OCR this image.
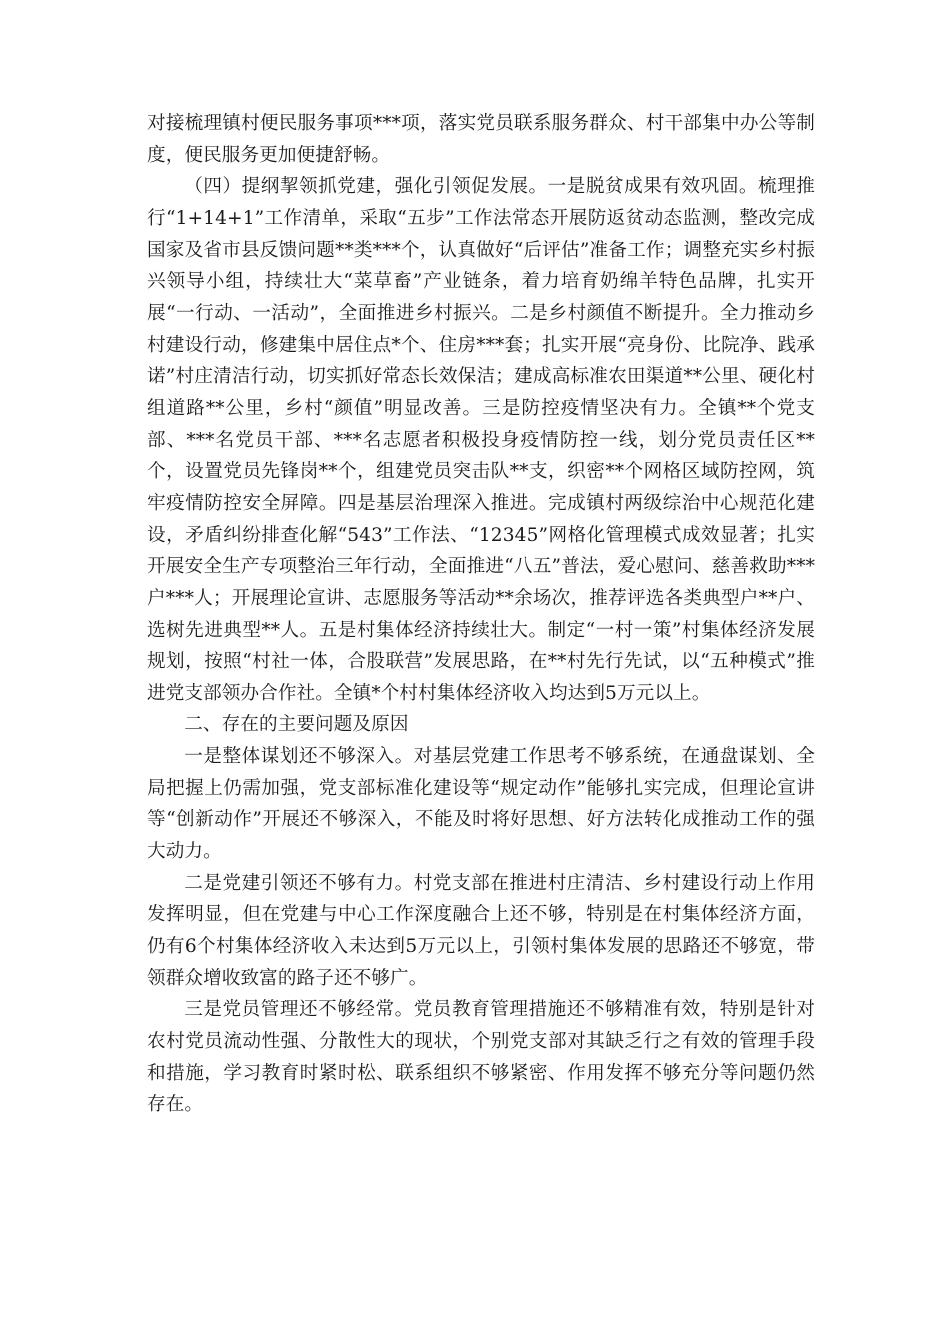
对接梳理镇村便民服务事项***项，落实党员联系服务群众、村干部集中办公等制度，便民服务更加便捷舒畅。

（四）提纲挈领抓党建，强化引领促发展。一是脱贫成果有效巩固。梳理推行“1+14+1”工作清单，采取“五步”工作法常态开展防返贫动态监测，整改完成国家及省市县反馈问题**类***个，认真做好“后评估”准备工作；调整充实乡村振兴领导小组，持续壮大“菜草畜”产业链条，着力培育奶绵羊特色品牌，扎实开展“一行动、一活动”，全面推进乡村振兴。二是乡村颜值不断提升。全力推动乡村建设行动，修建集中居住点*个、住房***套；扎实开展“亮身份、比院净、践承诺”村庄清洁行动，切实抓好常态长效保洁；建成高标准农田渠道**公里、硬化村组道路**公里，乡村“颜值”明显改善。三是防控疫情坚决有力。全镇**个党支部、***名党员干部、***名志愿者积极投身疫情防控一线，划分党员责任区**个，设置党员先锋岗**个，组建党员突击队**支，织密**个网格区域防控网，筑牢疫情防控安全屏障。四是基层治理深入推进。完成镇村两级综治中心规范化建设，矛盾纠纷排查化解“543”工作法、“12345”网格化管理模式成效显著；扎实开展安全生产专项整治三年行动，全面推进“八五”普法，爱心慰问、慈善救助***户***人；开展理论宣讲、志愿服务等活动**余场次，推荐评选各类典型户**户、选树先进典型**人。五是村集体经济持续壮大。制定“一村一策”村集体经济发展规划，按照“村社一体，合股联营”发展思路，在**村先行先试，以“五种模式”推进党支部领办合作社。全镇*个村村集体经济收入均达到5万元以上。

二、存在的主要问题及原因

一是整体谋划还不够深入。对基层党建工作思考不够系统，在通盘谋划、全局把握上仍需加强，党支部标准化建设等“规定动作”能够扎实完成，但理论宣讲等“创新动作”开展还不够深入，不能及时将好思想、好方法转化成推动工作的强大动力。

二是党建引领还不够有力。村党支部在推进村庄清洁、乡村建设行动上作用发挥明显，但在党建与中心工作深度融合上还不够，特别是在村集体经济方面，仍有6个村集体经济收入未达到5万元以上，引领村集体发展的思路还不够宽，带领群众增收致富的路子还不够广。

三是党员管理还不够经常。党员教育管理措施还不够精准有效，特别是针对农村党员流动性强、分散性大的现状，个别党支部对其缺乏行之有效的管理手段和措施，学习教育时紧时松、联系组织不够紧密、作用发挥不够充分等问题仍然存在。
